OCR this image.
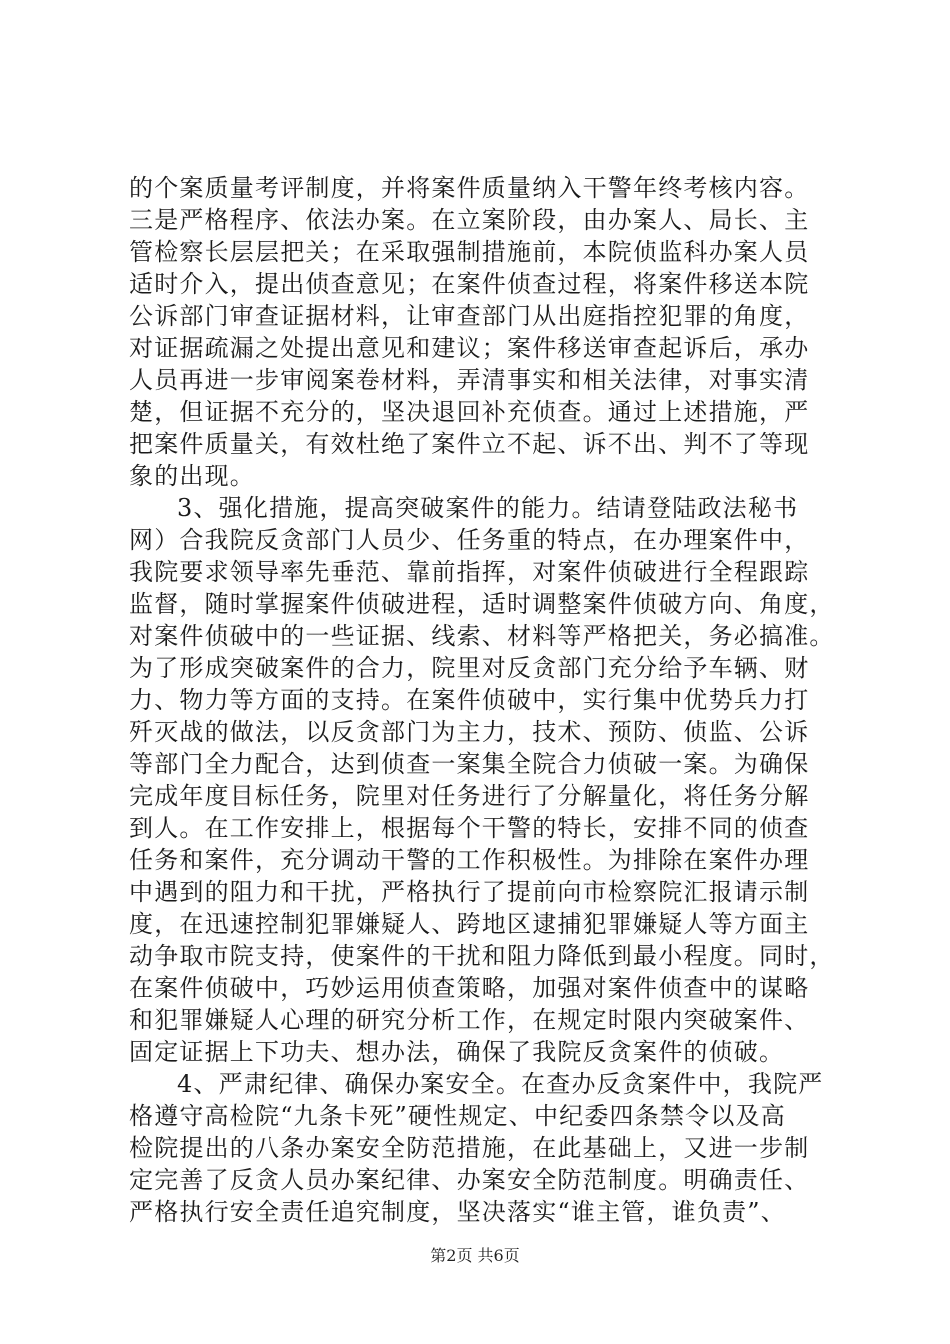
的个案质量考评制度，并将案件质量纳入干警年终考核内容。
三是严格程序、依法办案。在立案阶段，由办案人、局长、主
管检察长层层把关；在采取强制措施前，本院侦监科办案人员
适时介入，提出侦查意见；在案件侦查过程，将案件移送本院
公诉部门审查证据材料，让审查部门从出庭指控犯罪的角度，
对证据疏漏之处提出意见和建议；案件移送审查起诉后，承办
人员再进一步审阅案卷材料，弄清事实和相关法律，对事实清
楚，但证据不充分的，坚决退回补充侦查。通过上述措施，严
把案件质量关，有效杜绝了案件立不起、诉不出、判不了等现
象的出现。
3、强化措施，提高突破案件的能力。结请登陆政法秘书
网）合我院反贪部门人员少、任务重的特点，在办理案件中，
我院要求领导率先垂范、靠前指挥，对案件侦破进行全程跟踪
监督，随时掌握案件侦破进程，适时调整案件侦破方向、角度，
对案件侦破中的一些证据、线索、材料等严格把关，务必搞准。
为了形成突破案件的合力，院里对反贪部门充分给予车辆、财
力、物力等方面的支持。在案件侦破中，实行集中优势兵力打
歼灭战的做法，以反贪部门为主力，技术、预防、侦监、公诉
等部门全力配合，达到侦查一案集全院合力侦破一案。为确保
完成年度目标任务，院里对任务进行了分解量化，将任务分解
到人。在工作安排上，根据每个干警的特长，安排不同的侦查
任务和案件，充分调动干警的工作积极性。为排除在案件办理
中遇到的阻力和干扰，严格执行了提前向市检察院汇报请示制
度，在迅速控制犯罪嫌疑人、跨地区逮捕犯罪嫌疑人等方面主
动争取市院支持，使案件的干扰和阻力降低到最小程度。同时，
在案件侦破中，巧妙运用侦查策略，加强对案件侦查中的谋略
和犯罪嫌疑人心理的研究分析工作，在规定时限内突破案件、
固定证据上下功夫、想办法，确保了我院反贪案件的侦破。
4、严肃纪律、确保办案安全。在查办反贪案件中，我院严
格遵守高检院“九条卡死”硬性规定、中纪委四条禁令以及高
检院提出的八条办案安全防范措施，在此基础上，又进一步制
定完善了反贪人员办案纪律、办案安全防范制度。明确责任、
严格执行安全责任追究制度，坚决落实“谁主管，谁负责”、
第2页 共6页
